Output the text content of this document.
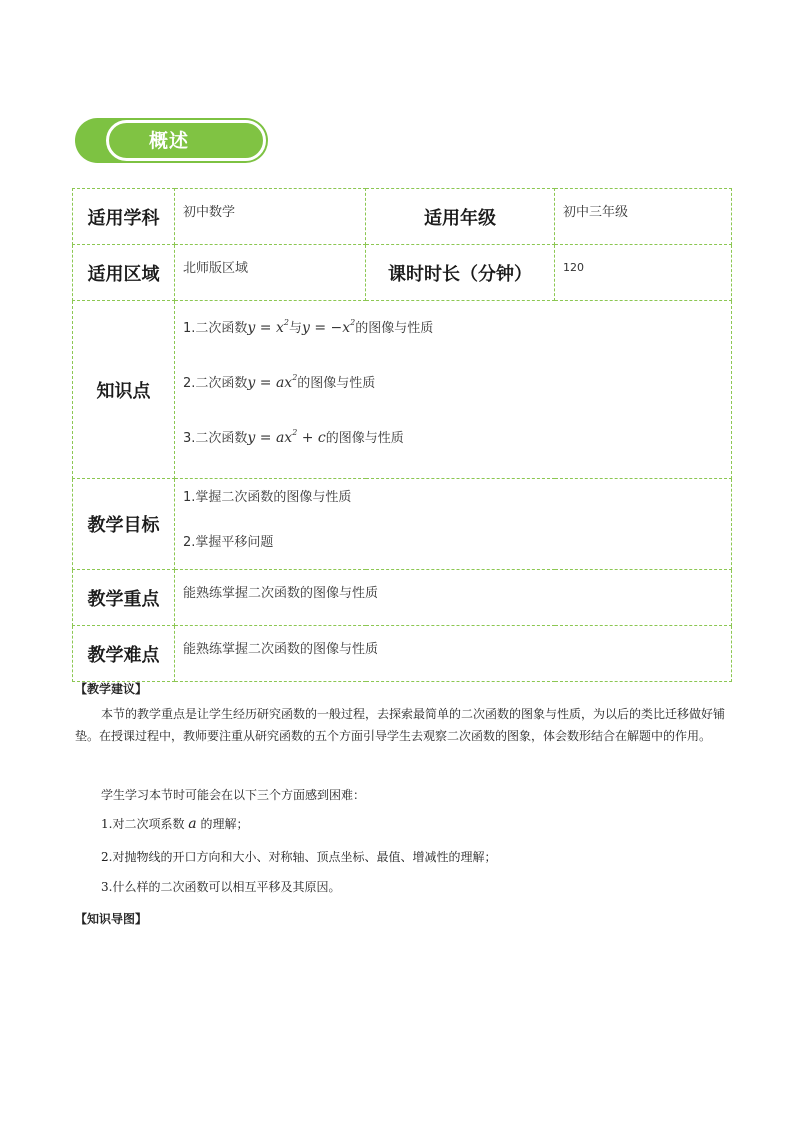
概述
适用学科	初中数学	适用年级	初中三年级
适用区域	北师版区域	课时时长（分钟）	120
知识点	1.二次函数$y = x^2$与$y = -x^2$的图像与性质
2.二次函数$y = ax^2$的图像与性质
3.二次函数$y = ax^2 + c$的图像与性质		

教学目标	1.掌握二次函数的图像与性质
2.掌握平移问题		

教学重点	能熟练掌握二次函数的图像与性质		
教学难点	能熟练掌握二次函数的图像与性质		
【教学建议】
本节的教学重点是让学生经历研究函数的一般过程，去探索最简单的二次函数的图象与性质，为以后的类比迁移做好铺垫。在授课过程中，教师要注重从研究函数的五个方面引导学生去观察二次函数的图象，体会数形结合在解题中的作用。
学生学习本节时可能会在以下三个方面感到困难：
1.对二次项系数 a 的理解；
2.对抛物线的开口方向和大小、对称轴、顶点坐标、最值、增减性的理解；
3.什么样的二次函数可以相互平移及其原因。
【知识导图】
